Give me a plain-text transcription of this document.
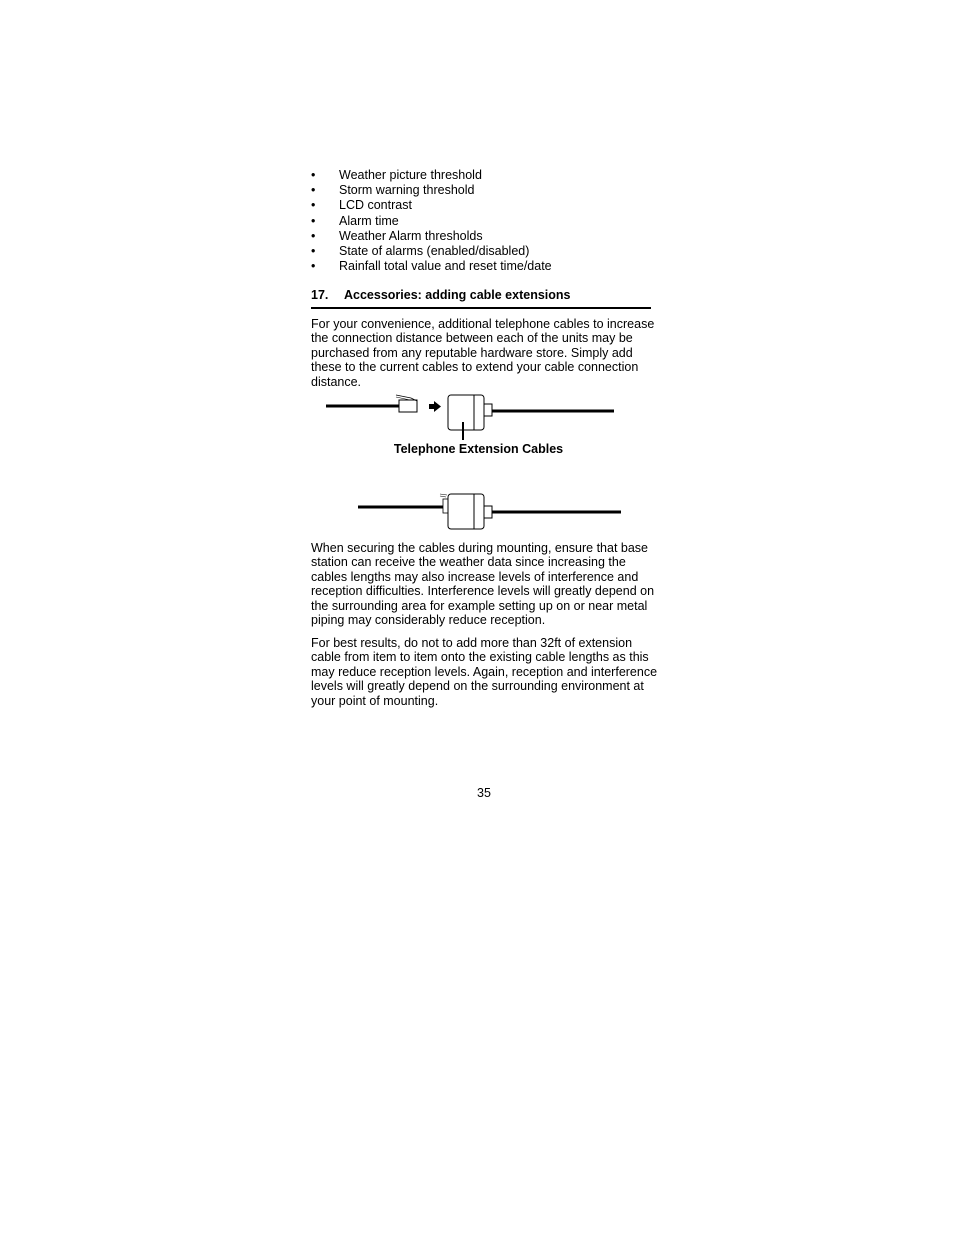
• Weather picture threshold
• Storm warning threshold
• LCD contrast
• Alarm time
• Weather Alarm thresholds
• State of alarms (enabled/disabled)
• Rainfall total value and reset time/date
17. Accessories: adding cable extensions

For your convenience, additional telephone cables to increase the connection distance between each of the units may be purchased from any reputable hardware store. Simply add these to the current cables to extend your cable connection distance.

Telephone Extension Cables

When securing the cables during mounting, ensure that base station can receive the weather data since increasing the cables lengths may also increase levels of interference and reception difficulties. Interference levels will greatly depend on the surrounding area for example setting up on or near metal piping may considerably reduce reception.

For best results, do not to add more than 32ft of extension cable from item to item onto the existing cable lengths as this may reduce reception levels. Again, reception and interference levels will greatly depend on the surrounding environment at your point of mounting.

35
